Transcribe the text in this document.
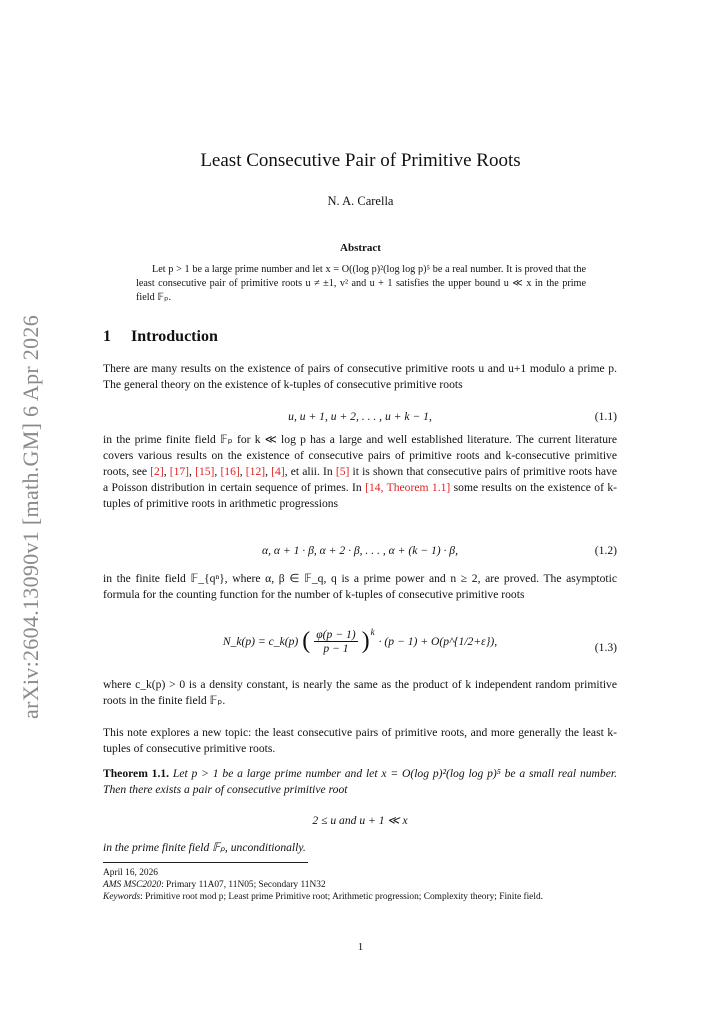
arXiv:2604.13090v1 [math.GM] 6 Apr 2026
Least Consecutive Pair of Primitive Roots
N. A. Carella
Abstract
Let p > 1 be a large prime number and let x = O((log p)²(log log p)⁵ be a real number. It is proved that the least consecutive pair of primitive roots u ≠ ±1, v² and u + 1 satisfies the upper bound u ≪ x in the prime field 𝔽ₚ.
1 Introduction
There are many results on the existence of pairs of consecutive primitive roots u and u+1 modulo a prime p. The general theory on the existence of k-tuples of consecutive primitive roots
u, u + 1, u + 2, . . . , u + k − 1,	(1.1)
in the prime finite field 𝔽ₚ for k ≪ log p has a large and well established literature. The current literature covers various results on the existence of consecutive pairs of primitive roots and k-consecutive primitive roots, see [2], [17], [15], [16], [12], [4], et alii. In [5] it is shown that consecutive pairs of primitive roots have a Poisson distribution in certain sequence of primes. In [14, Theorem 1.1] some results on the existence of k-tuples of primitive roots in arithmetic progressions
α, α + 1 · β, α + 2 · β, . . . , α + (k − 1) · β,	(1.2)
in the finite field 𝔽_{qⁿ}, where α, β ∈ 𝔽_q, q is a prime power and n ≥ 2, are proved. The asymptotic formula for the counting function for the number of k-tuples of consecutive primitive roots
N_k(p) = c_k(p) ( $\frac{\varphi(p - 1)}{p - 1} )^k$
· (p − 1) + O(p^{1/2+ε}),	(1.3)
where c_k(p) > 0 is a density constant, is nearly the same as the product of k independent random primitive roots in the finite field 𝔽ₚ.
This note explores a new topic: the least consecutive pairs of primitive roots, and more generally the least k-tuples of consecutive primitive roots.
Theorem 1.1. Let p > 1 be a large prime number and let x = O(log p)²(log log p)⁵ be a small real number. Then there exists a pair of consecutive primitive root
2 ≤ u and u + 1 ≪ x
in the prime finite field 𝔽ₚ, unconditionally.
April 16, 2026
AMS MSC2020: Primary 11A07, 11N05; Secondary 11N32
Keywords: Primitive root mod p; Least prime Primitive root; Arithmetic progression; Complexity theory; Finite field.
1
